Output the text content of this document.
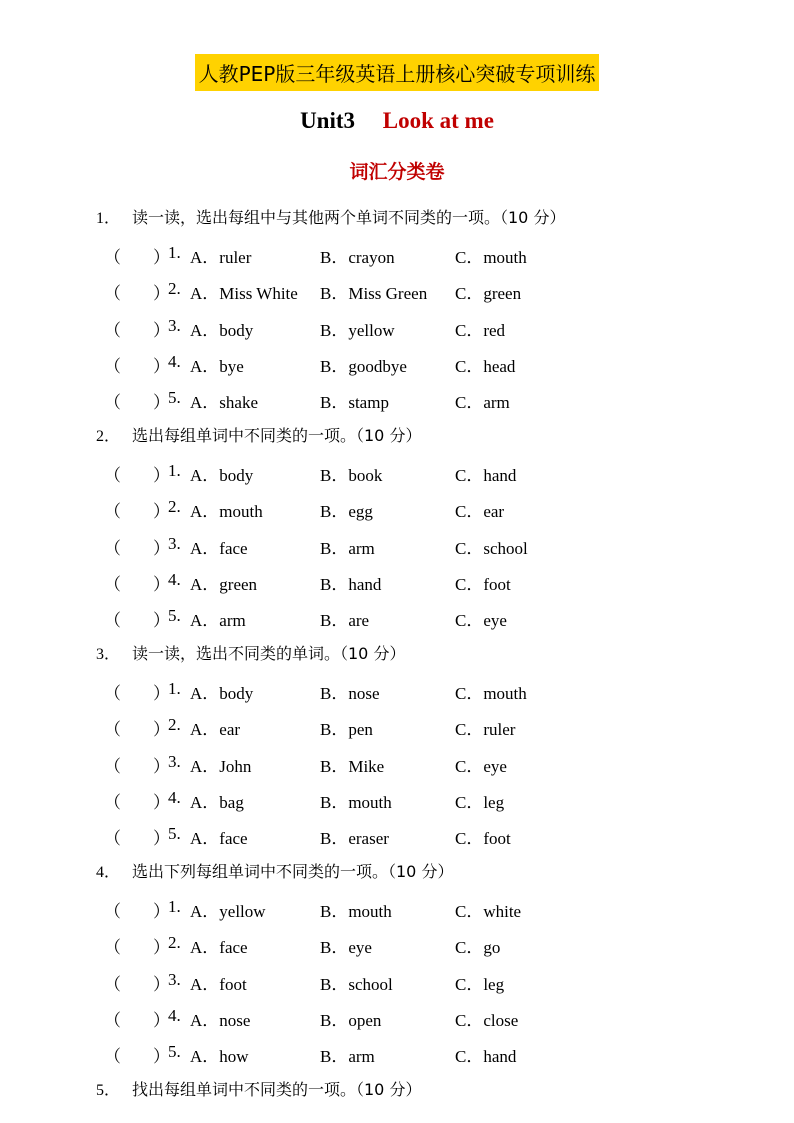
人教PEP版三年级英语上册核心突破专项训练
Unit3 Look at me
词汇分类卷
1． 读一读，选出每组中与其他两个单词不同类的一项。（10 分）
（ ）
1. A．ruler	B．crayon	C．mouth
（ ）
2. A．Miss White B．Miss Green C．green
（ ）
3. A．body	B．yellow	C．red
（ ）
4. A．bye	B．goodbye	C．head
（ ）
5. A．shake	B．stamp	C．arm
2． 选出每组单词中不同类的一项。（10 分）
（ ）
1. A．body	B．book	C．hand
（ ）
2. A．mouth	B．egg	C．ear
（ ）
3. A．face	B．arm	C．school
（ ）
4. A．green	B．hand	C．foot
（ ）
5. A．arm	B．are	C．eye
3． 读一读，选出不同类的单词。（10 分）
（ ）
1. A．body	B．nose	C．mouth
（ ）
2. A．ear	B．pen	C．ruler
（ ）
3. A．John	B．Mike	C．eye
（ ）
4. A．bag	B．mouth	C．leg
（ ）
5. A．face	B．eraser	C．foot
4． 选出下列每组单词中不同类的一项。（10 分）
（ ）
1. A．yellow	B．mouth	C．white
（ ）
2. A．face	B．eye	C．go
（ ）
3. A．foot	B．school	C．leg
（ ）
4. A．nose	B．open	C．close
（ ）
5. A．how	B．arm	C．hand
5． 找出每组单词中不同类的一项。（10 分）
